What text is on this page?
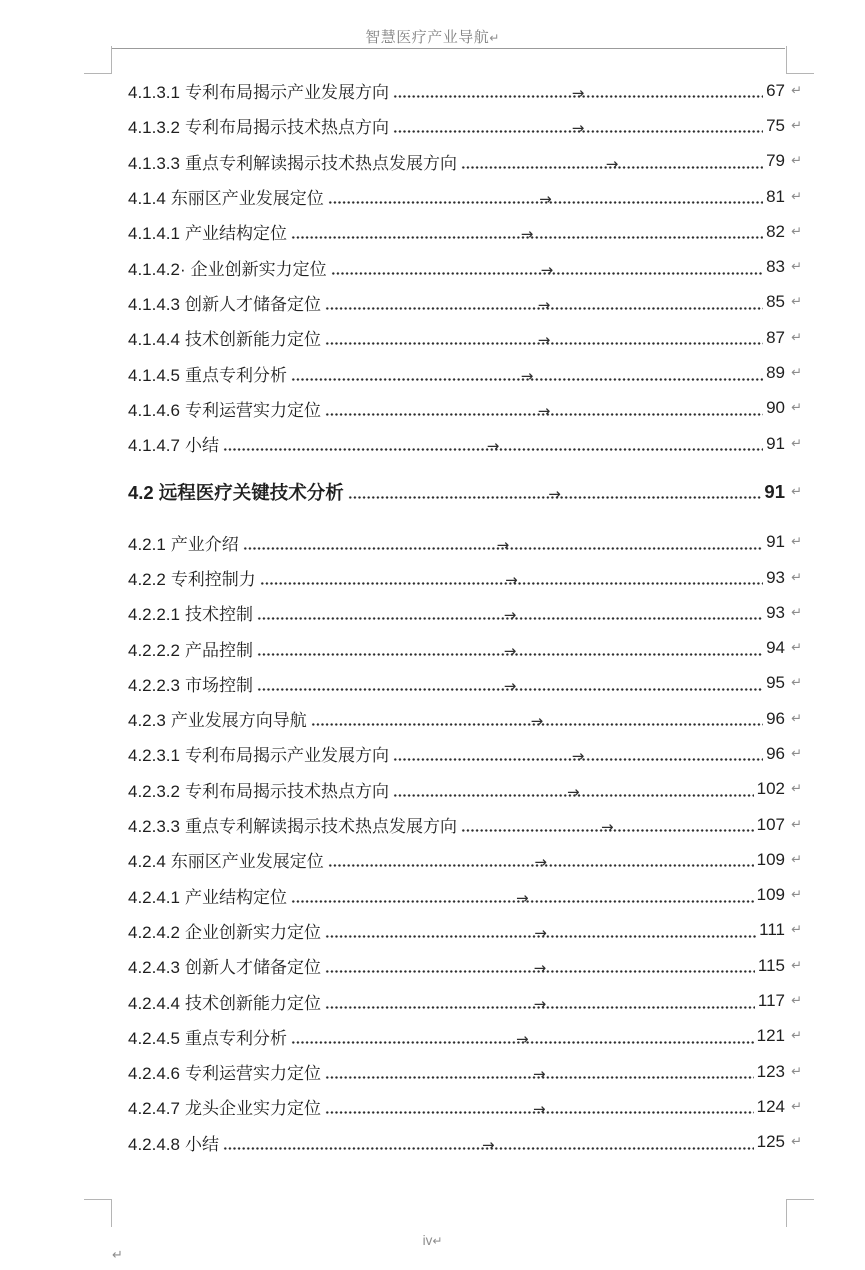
智慧医疗产业导航↵
4.1.3.1 专利布局揭示产业发展方向	→	67 ↵
4.1.3.2 专利布局揭示技术热点方向	→	75 ↵
4.1.3.3 重点专利解读揭示技术热点发展方向	→	79 ↵
4.1.4 东丽区产业发展定位	→	81 ↵
4.1.4.1 产业结构定位	→	82 ↵
4.1.4.2· 企业创新实力定位	→	83 ↵
4.1.4.3 创新人才储备定位	→	85 ↵
4.1.4.4 技术创新能力定位	→	87 ↵
4.1.4.5 重点专利分析	→	89 ↵
4.1.4.6 专利运营实力定位	→	90 ↵
4.1.4.7 小结	→	91 ↵
4.2 远程医疗关键技术分析	→	91 ↵
4.2.1 产业介绍	→	91 ↵
4.2.2 专利控制力	→	93 ↵
4.2.2.1 技术控制	→	93 ↵
4.2.2.2 产品控制	→	94 ↵
4.2.2.3 市场控制	→	95 ↵
4.2.3 产业发展方向导航	→	96 ↵
4.2.3.1 专利布局揭示产业发展方向	→	96 ↵
4.2.3.2 专利布局揭示技术热点方向	→	102 ↵
4.2.3.3 重点专利解读揭示技术热点发展方向	→	107 ↵
4.2.4 东丽区产业发展定位	→	109 ↵
4.2.4.1 产业结构定位	→	109 ↵
4.2.4.2 企业创新实力定位	→	111 ↵
4.2.4.3 创新人才储备定位	→	115 ↵
4.2.4.4 技术创新能力定位	→	117 ↵
4.2.4.5 重点专利分析	→	121 ↵
4.2.4.6 专利运营实力定位	→	123 ↵
4.2.4.7 龙头企业实力定位	→	124 ↵
4.2.4.8 小结	→	125 ↵
iv↵
↵
